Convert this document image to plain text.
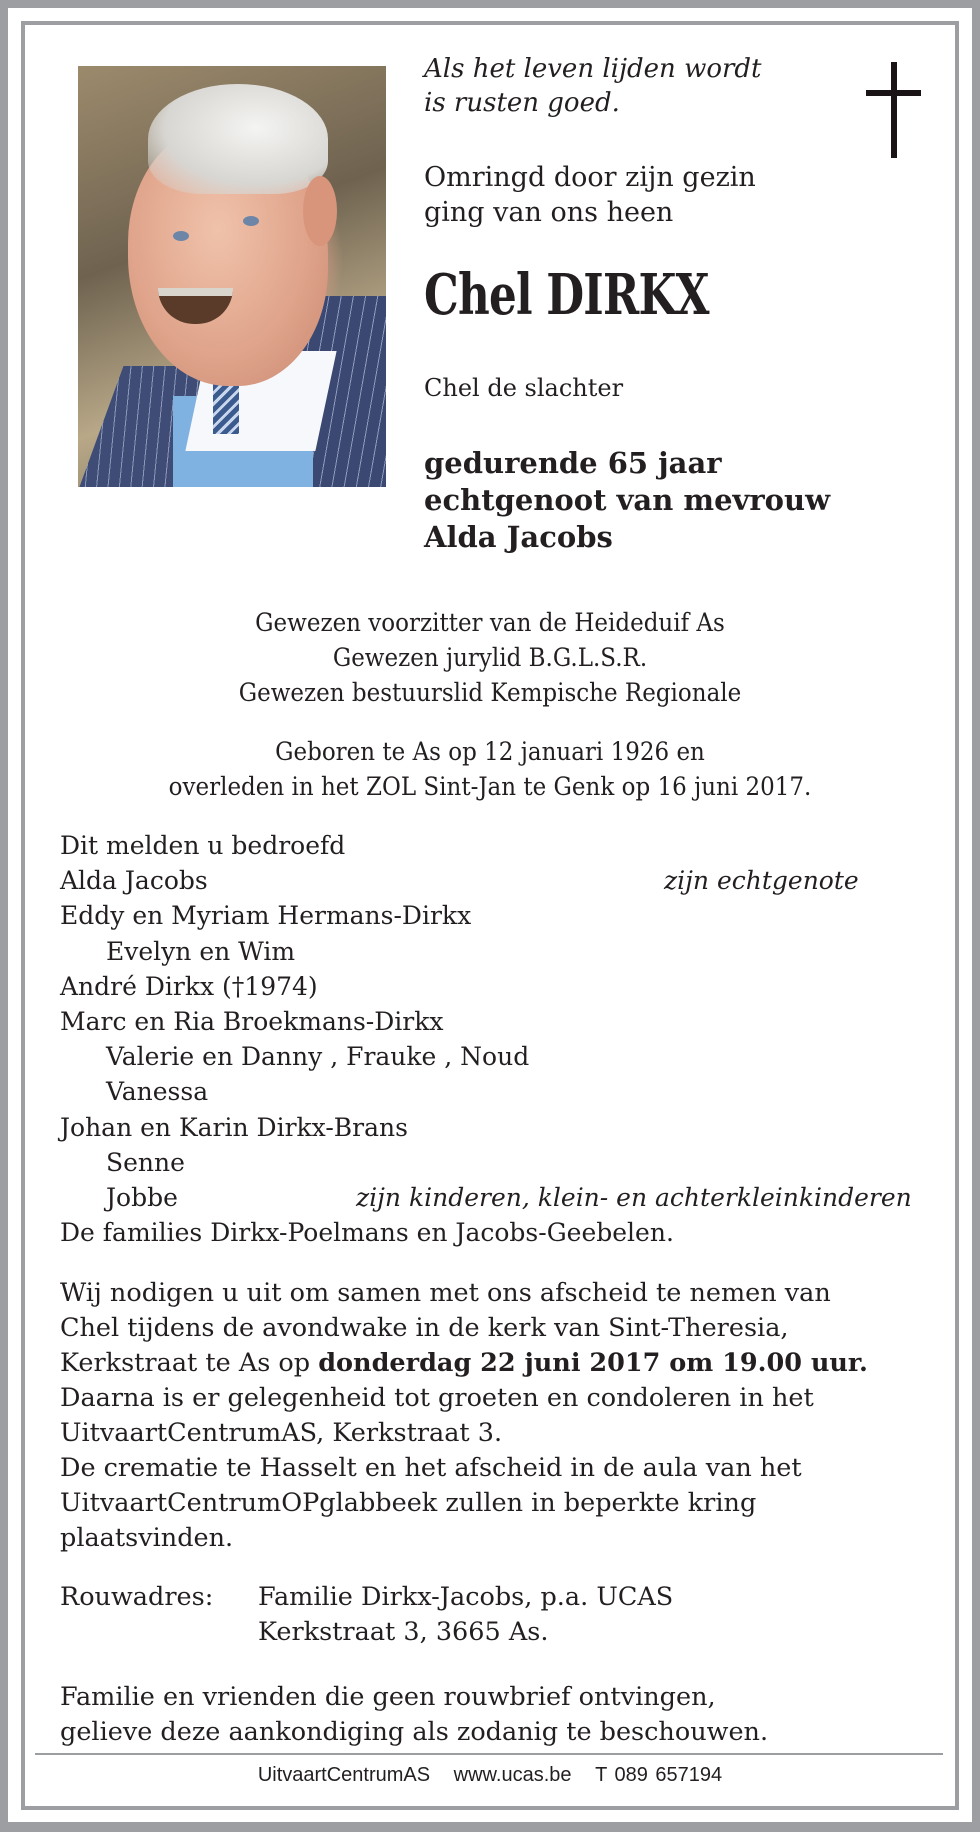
Als het leven lijden wordt
is rusten goed.
Omringd door zijn gezin
ging van ons heen
Chel DIRKX
Chel de slachter
gedurende 65 jaar
echtgenoot van mevrouw
Alda Jacobs
Gewezen voorzitter van de Heideduif As
Gewezen jurylid B.G.L.S.R.
Gewezen bestuurslid Kempische Regionale
Geboren te As op 12 januari 1926 en
overleden in het ZOL Sint-Jan te Genk op 16 juni 2017.
Dit melden u bedroefd
Alda Jacobs	zijn echtgenote
Eddy en Myriam Hermans-Dirkx
Evelyn en Wim
André Dirkx (†1974)
Marc en Ria Broekmans-Dirkx
Valerie en Danny , Frauke , Noud
Vanessa
Johan en Karin Dirkx-Brans
Senne
Jobbe	zijn kinderen, klein- en achterkleinkinderen
De families Dirkx-Poelmans en Jacobs-Geebelen.
Wij nodigen u uit om samen met ons afscheid te nemen van
Chel tijdens de avondwake in de kerk van Sint-Theresia,
Kerkstraat te As op donderdag 22 juni 2017 om 19.00 uur.
Daarna is er gelegenheid tot groeten en condoleren in het
UitvaartCentrumAS, Kerkstraat 3.
De crematie te Hasselt en het afscheid in de aula van het
UitvaartCentrumOPglabbeek zullen in beperkte kring
plaatsvinden.
Rouwadres: Familie Dirkx-Jacobs, p.a. UCAS
Kerkstraat 3, 3665 As.
Familie en vrienden die geen rouwbrief ontvingen,
gelieve deze aankondiging als zodanig te beschouwen.
UitvaartCentrumAS www.ucas.be T 089 657194
